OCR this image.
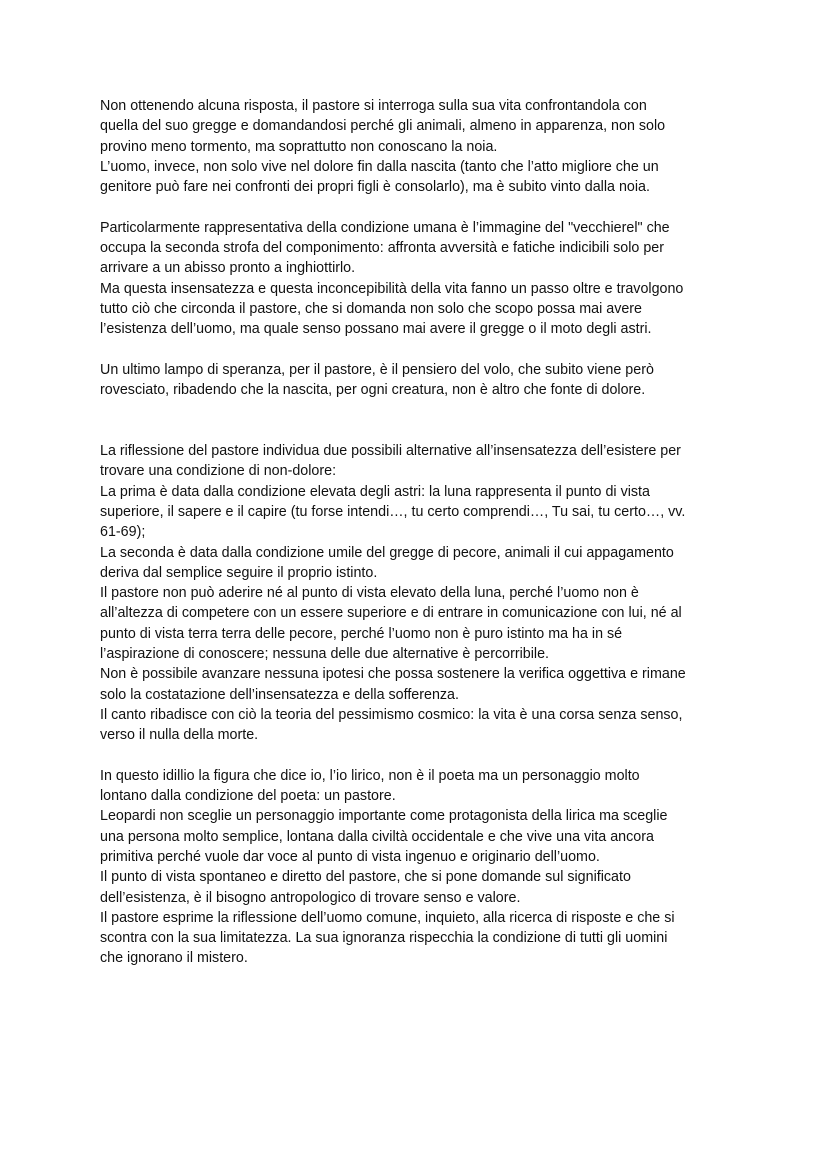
Non ottenendo alcuna risposta, il pastore si interroga sulla sua vita confrontandola con
quella del suo gregge e domandandosi perché gli animali, almeno in apparenza, non solo
provino meno tormento, ma soprattutto non conoscano la noia.

L’uomo, invece, non solo vive nel dolore fin dalla nascita (tanto che l’atto migliore che un
genitore può fare nei confronti dei propri figli è consolarlo), ma è subito vinto dalla noia.

Particolarmente rappresentativa della condizione umana è l’immagine del "vecchierel" che
occupa la seconda strofa del componimento: affronta avversità e fatiche indicibili solo per
arrivare a un abisso pronto a inghiottirlo.

Ma questa insensatezza e questa inconcepibilità della vita fanno un passo oltre e travolgono
tutto ciò che circonda il pastore, che si domanda non solo che scopo possa mai avere
l’esistenza dell’uomo, ma quale senso possano mai avere il gregge o il moto degli astri.

Un ultimo lampo di speranza, per il pastore, è il pensiero del volo, che subito viene però
rovesciato, ribadendo che la nascita, per ogni creatura, non è altro che fonte di dolore.

La riflessione del pastore individua due possibili alternative all’insensatezza dell’esistere per
trovare una condizione di non-dolore:

La prima è data dalla condizione elevata degli astri: la luna rappresenta il punto di vista
superiore, il sapere e il capire (tu forse intendi…, tu certo comprendi…, Tu sai, tu certo…, vv.
61-69);

La seconda è data dalla condizione umile del gregge di pecore, animali il cui appagamento
deriva dal semplice seguire il proprio istinto.

Il pastore non può aderire né al punto di vista elevato della luna, perché l’uomo non è
all’altezza di competere con un essere superiore e di entrare in comunicazione con lui, né al
punto di vista terra terra delle pecore, perché l’uomo non è puro istinto ma ha in sé
l’aspirazione di conoscere; nessuna delle due alternative è percorribile.

Non è possibile avanzare nessuna ipotesi che possa sostenere la verifica oggettiva e rimane
solo la costatazione dell’insensatezza e della sofferenza.

Il canto ribadisce con ciò la teoria del pessimismo cosmico: la vita è una corsa senza senso,
verso il nulla della morte.

In questo idillio la figura che dice io, l’io lirico, non è il poeta ma un personaggio molto
lontano dalla condizione del poeta: un pastore.

Leopardi non sceglie un personaggio importante come protagonista della lirica ma sceglie
una persona molto semplice, lontana dalla civiltà occidentale e che vive una vita ancora
primitiva perché vuole dar voce al punto di vista ingenuo e originario dell’uomo.

Il punto di vista spontaneo e diretto del pastore, che si pone domande sul significato
dell’esistenza, è il bisogno antropologico di trovare senso e valore.

Il pastore esprime la riflessione dell’uomo comune, inquieto, alla ricerca di risposte e che si
scontra con la sua limitatezza. La sua ignoranza rispecchia la condizione di tutti gli uomini
che ignorano il mistero.
